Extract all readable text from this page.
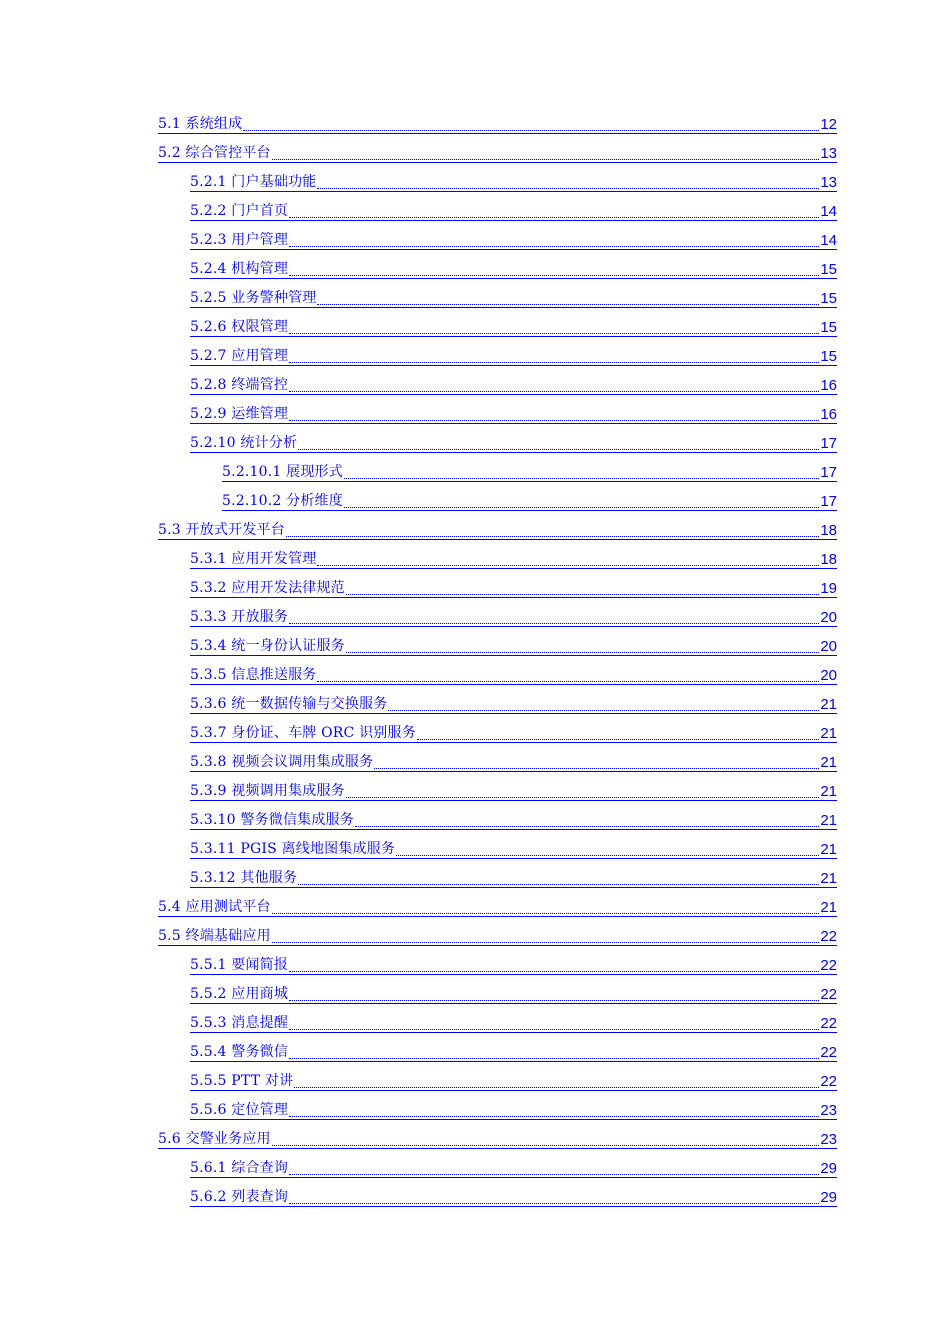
5.1 系统组成	12
5.2 综合管控平台	13
5.2.1 门户基础功能	13
5.2.2 门户首页	14
5.2.3 用户管理	14
5.2.4 机构管理	15
5.2.5 业务警种管理	15
5.2.6 权限管理	15
5.2.7 应用管理	15
5.2.8 终端管控	16
5.2.9 运维管理	16
5.2.10 统计分析	17
5.2.10.1 展现形式	17
5.2.10.2 分析维度	17
5.3 开放式开发平台	18
5.3.1 应用开发管理	18
5.3.2 应用开发法律规范	19
5.3.3 开放服务	20
5.3.4 统一身份认证服务	20
5.3.5 信息推送服务	20
5.3.6 统一数据传输与交换服务	21
5.3.7 身份证、车牌 ORC 识别服务	21
5.3.8 视频会议调用集成服务	21
5.3.9 视频调用集成服务	21
5.3.10 警务微信集成服务	21
5.3.11 PGIS 离线地图集成服务	21
5.3.12 其他服务	21
5.4 应用测试平台	21
5.5 终端基础应用	22
5.5.1 要闻简报	22
5.5.2 应用商城	22
5.5.3 消息提醒	22
5.5.4 警务微信	22
5.5.5 PTT 对讲	22
5.5.6 定位管理	23
5.6 交警业务应用	23
5.6.1 综合查询	29
5.6.2 列表查询	29
